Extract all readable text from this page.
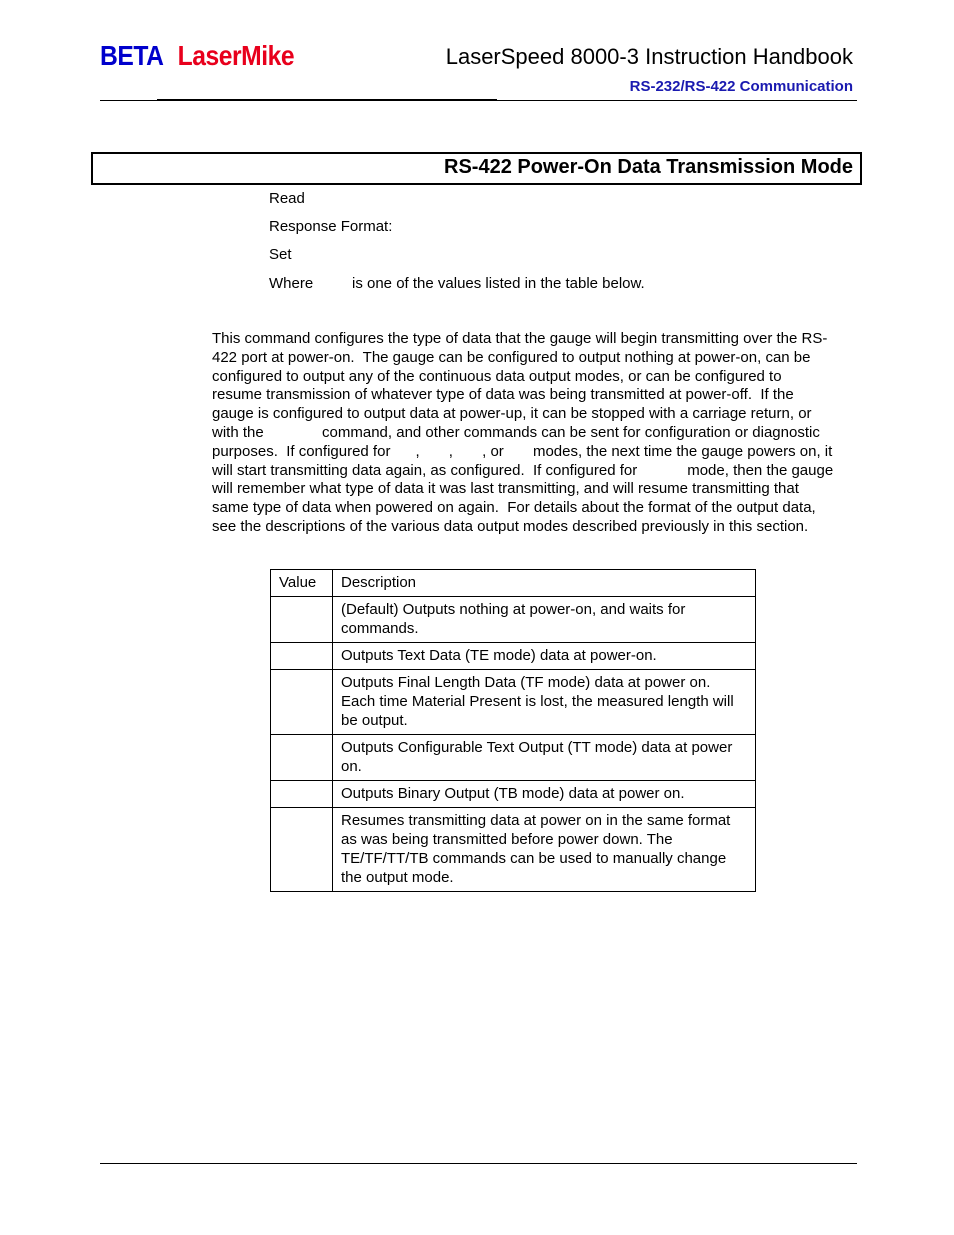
BETA LaserMike	LaserSpeed 8000-3 Instruction Handbook
RS-232/RS-422 Communication
RS-422 Power-On Data Transmission Mode
Read
Response Format:
Set
Where	is one of the values listed in the table below.
This command configures the type of data that the gauge will begin transmitting over the RS-
422 port at power-on.  The gauge can be configured to output nothing at power-on, can be
configured to output any of the continuous data output modes, or can be configured to
resume transmission of whatever type of data was being transmitted at power-off.  If the
gauge is configured to output data at power-up, it can be stopped with a carriage return, or
with the              command, and other commands can be sent for configuration or diagnostic
purposes.  If configured for      ,       ,       , or       modes, the next time the gauge powers on, it
will start transmitting data again, as configured.  If configured for            mode, then the gauge
will remember what type of data it was last transmitting, and will resume transmitting that
same type of data when powered on again.  For details about the format of the output data,
see the descriptions of the various data output modes described previously in this section.
Value	Description
	(Default) Outputs nothing at power-on, and waits for commands.
	Outputs Text Data (TE mode) data at power-on.
	Outputs Final Length Data (TF mode) data at power on. Each time Material Present is lost, the measured length will be output.
	Outputs Configurable Text Output (TT mode) data at power on.
	Outputs Binary Output (TB mode) data at power on.
	Resumes transmitting data at power on in the same format as was being transmitted before power down. The TE/TF/TT/TB commands can be used to manually change the output mode.
